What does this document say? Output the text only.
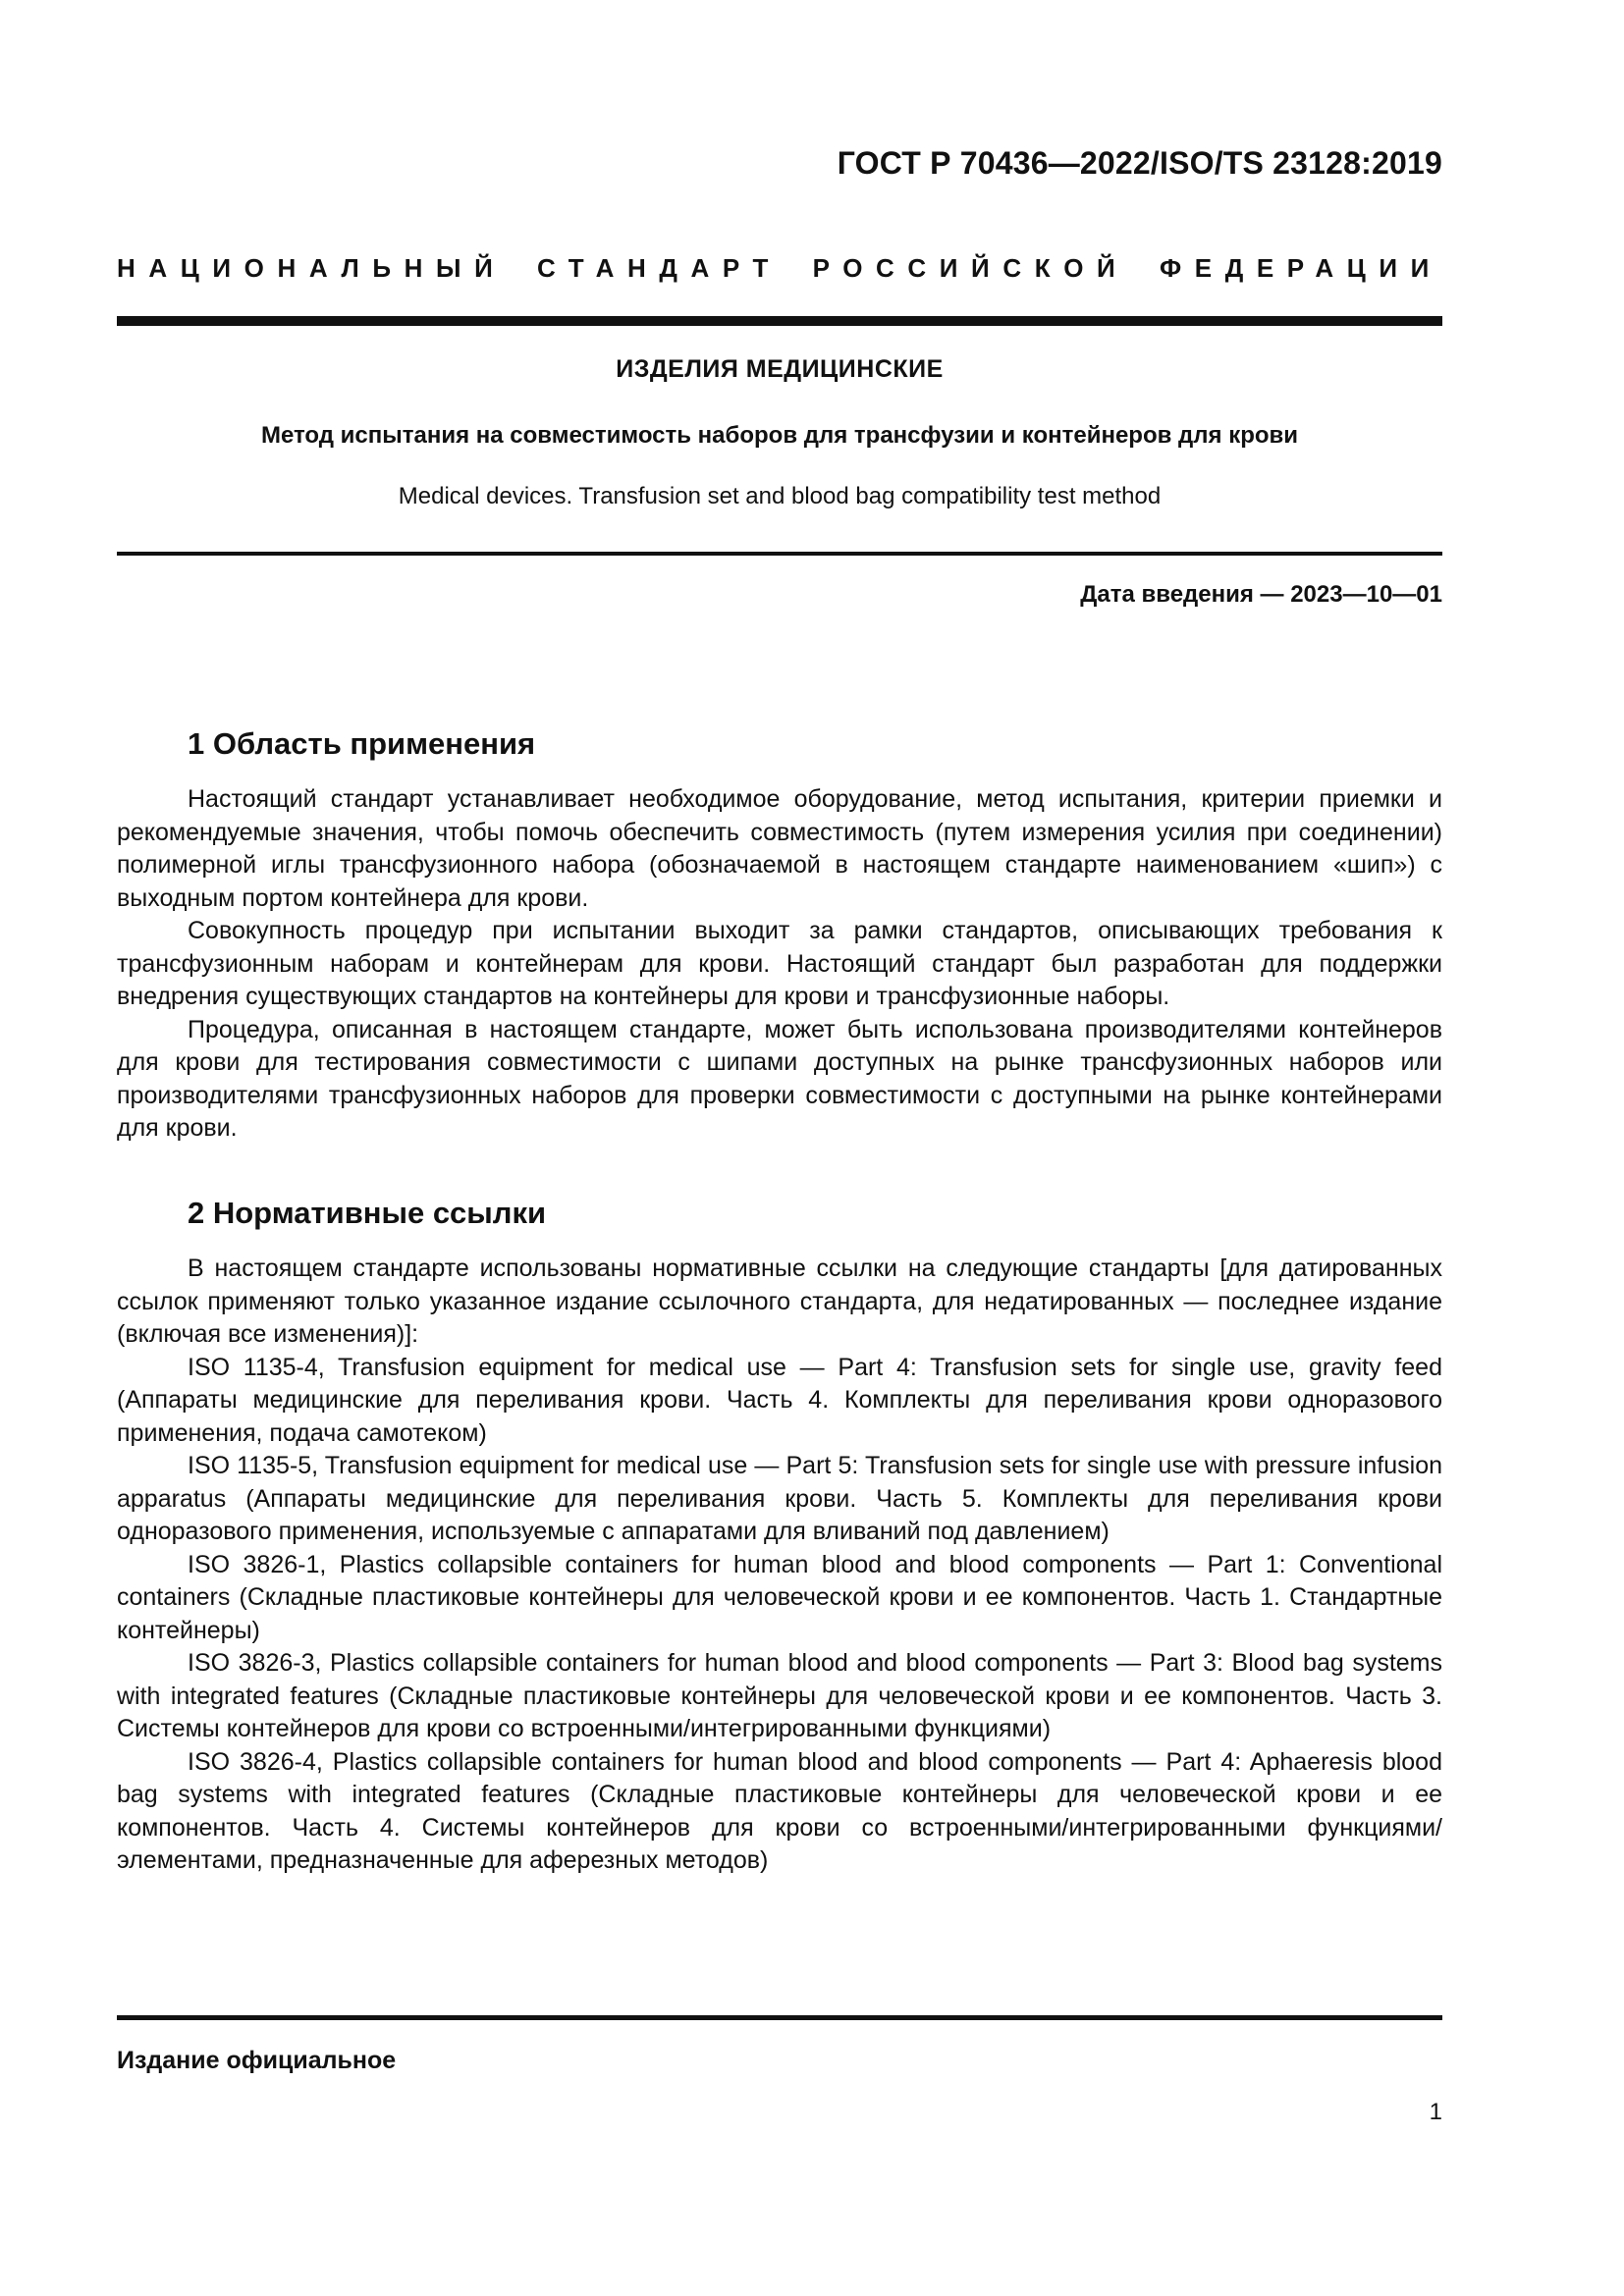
ГОСТ Р 70436—2022/ISO/TS 23128:2019
НАЦИОНАЛЬНЫЙ СТАНДАРТ РОССИЙСКОЙ ФЕДЕРАЦИИ
ИЗДЕЛИЯ МЕДИЦИНСКИЕ
Метод испытания на совместимость наборов для трансфузии и контейнеров для крови
Medical devices. Transfusion set and blood bag compatibility test method
Дата введения — 2023—10—01
1 Область применения

Настоящий стандарт устанавливает необходимое оборудование, метод испытания, критерии приемки и рекомендуемые значения, чтобы помочь обеспечить совместимость (путем измерения усилия при соединении) полимерной иглы трансфузионного набора (обозначаемой в настоящем стандарте наименованием «шип») с выходным портом контейнера для крови.

Совокупность процедур при испытании выходит за рамки стандартов, описывающих требования к трансфузионным наборам и контейнерам для крови. Настоящий стандарт был разработан для поддержки внедрения существующих стандартов на контейнеры для крови и трансфузионные наборы.

Процедура, описанная в настоящем стандарте, может быть использована производителями контейнеров для крови для тестирования совместимости с шипами доступных на рынке трансфузионных наборов или производителями трансфузионных наборов для проверки совместимости с доступными на рынке контейнерами для крови.

2 Нормативные ссылки

В настоящем стандарте использованы нормативные ссылки на следующие стандарты [для датированных ссылок применяют только указанное издание ссылочного стандарта, для недатированных — последнее издание (включая все изменения)]:

ISO 1135-4, Transfusion equipment for medical use — Part 4: Transfusion sets for single use, gravity feed (Аппараты медицинские для переливания крови. Часть 4. Комплекты для переливания крови одноразового применения, подача самотеком)

ISO 1135-5, Transfusion equipment for medical use — Part 5: Transfusion sets for single use with pressure infusion apparatus (Аппараты медицинские для переливания крови. Часть 5. Комплекты для переливания крови одноразового применения, используемые с аппаратами для вливаний под давлением)

ISO 3826-1, Plastics collapsible containers for human blood and blood components — Part 1: Conventional containers (Складные пластиковые контейнеры для человеческой крови и ее компонентов. Часть 1. Стандартные контейнеры)

ISO 3826-3, Plastics collapsible containers for human blood and blood components — Part 3: Blood bag systems with integrated features (Складные пластиковые контейнеры для человеческой крови и ее компонентов. Часть 3. Системы контейнеров для крови со встроенными/интегрированными функциями)

ISO 3826-4, Plastics collapsible containers for human blood and blood components — Part 4: Aphaeresis blood bag systems with integrated features (Складные пластиковые контейнеры для человеческой крови и ее компонентов. Часть 4. Системы контейнеров для крови со встроенными/интегрированными функциями/элементами, предназначенные для аферезных методов)

Издание официальное
1
